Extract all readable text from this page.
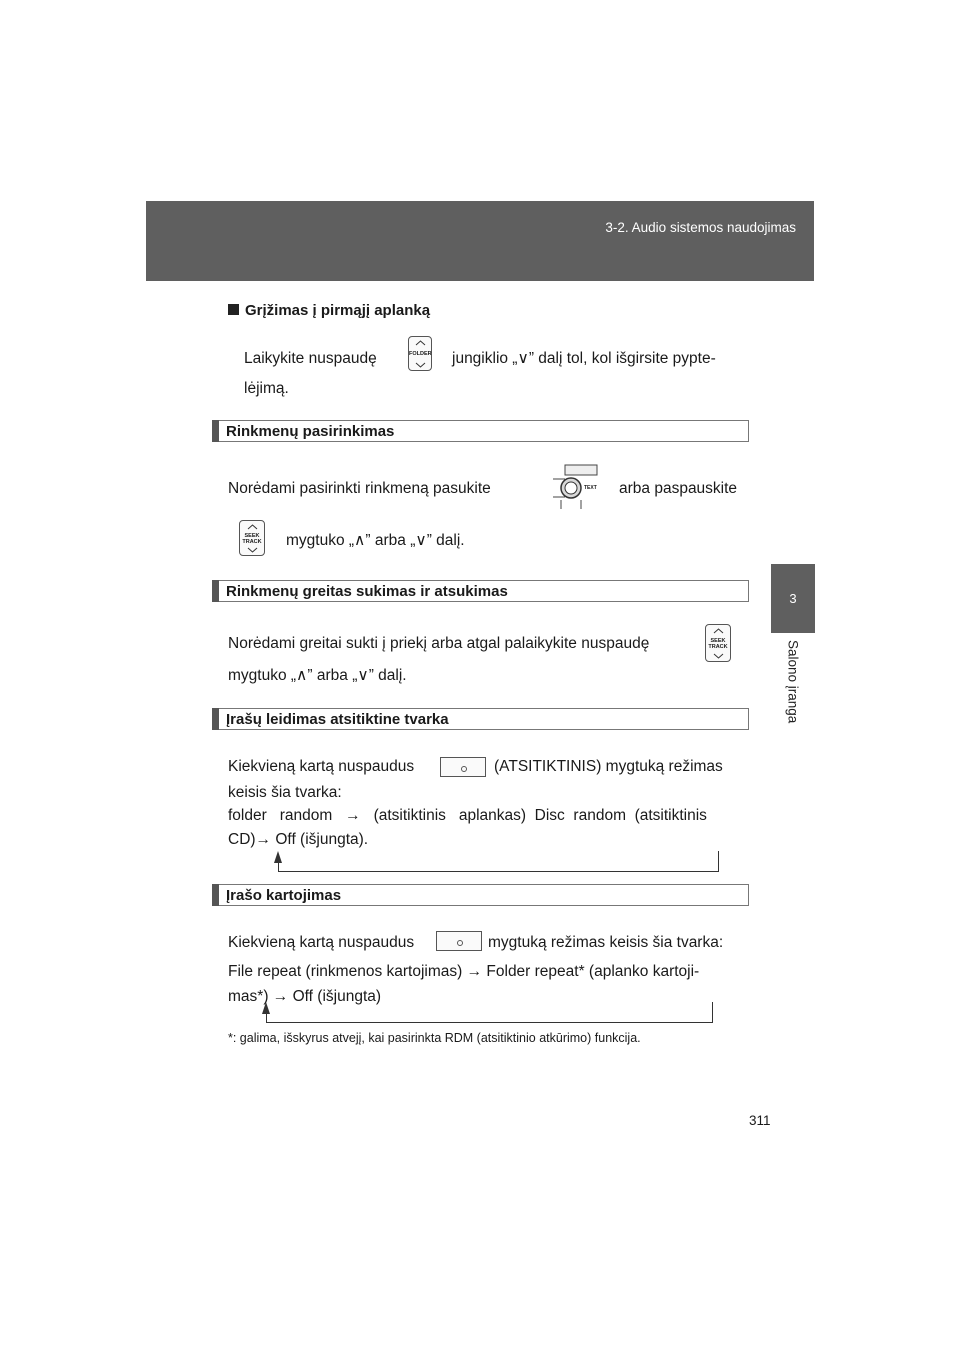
3-2. Audio sistemos naudojimas
3
Salono įranga
Grįžimas į pirmąjį aplanką
Laikykite nuspaudę	FOLDER jungiklio „∨” dalį tol, kol išgirsite pypte-
lėjimą.
Rinkmenų pasirinkimas
Norėdami pasirinkti rinkmeną pasukite	TEXT arba paspauskite
SEEK
TRACK mygtuko „∧” arba „∨” dalį.
Rinkmenų greitas sukimas ir atsukimas
Norėdami greitai sukti į priekį arba atgal palaikykite nuspaudę	SEEK
TRACK
mygtuko „∧” arba „∨” dalį.
Įrašų leidimas atsitiktine tvarka
Kiekvieną kartą nuspaudus	(ATSITIKTINIS) mygtuką režimas
keisis šia tvarka:
folder   random   →   (atsitiktinis   aplankas)  Disc  random  (atsitiktinis
CD)→ Off (išjungta).
Įrašo kartojimas
Kiekvieną kartą nuspaudus	mygtuką režimas keisis šia tvarka:
File repeat (rinkmenos kartojimas) → Folder repeat* (aplanko kartoji-
mas*) → Off (išjungta)
*: galima, išskyrus atvejį, kai pasirinkta RDM (atsitiktinio atkūrimo) funkcija.
311
